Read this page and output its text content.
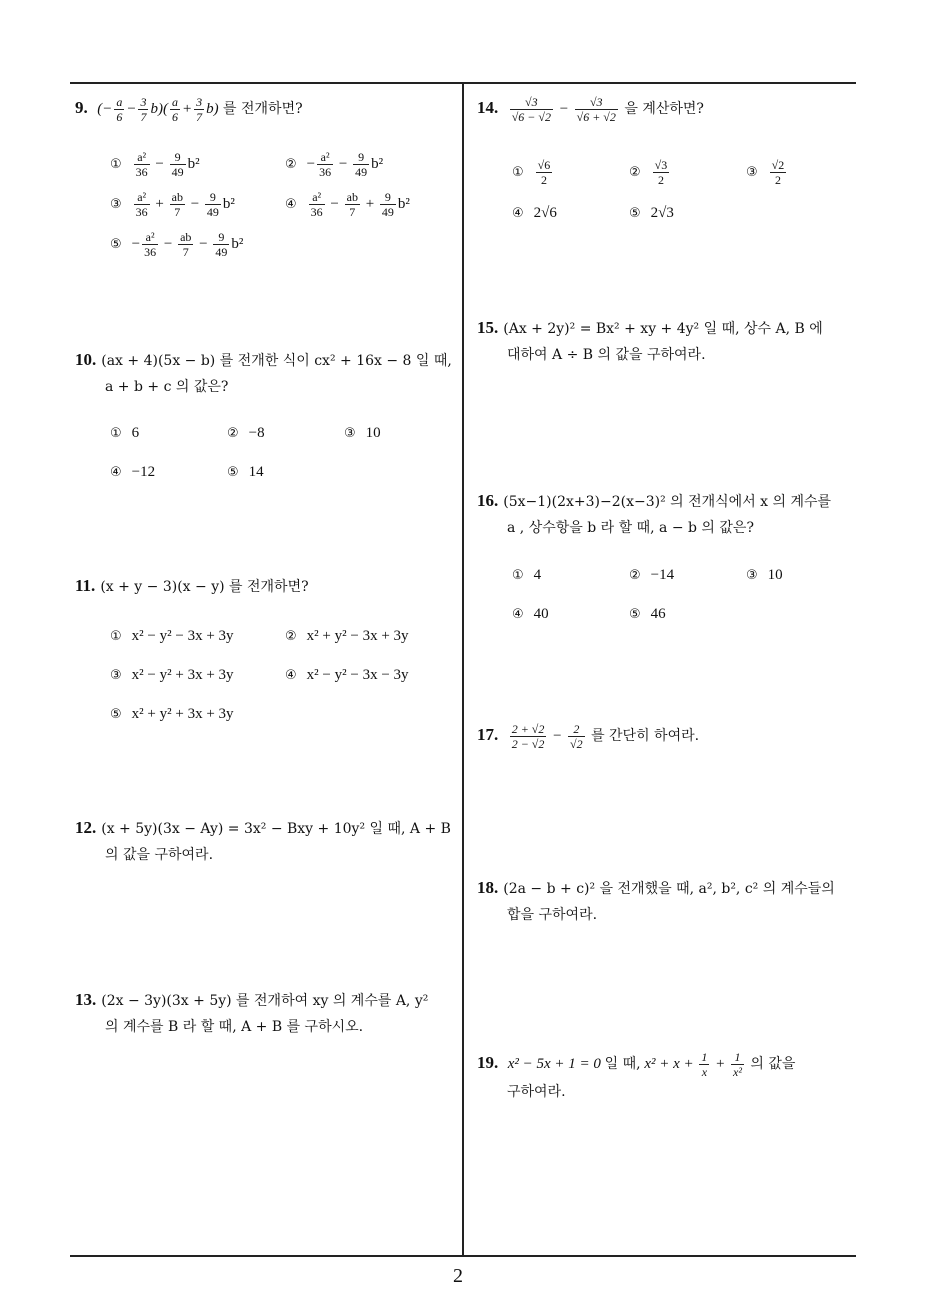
9. (− $\frac{a}{6} - \frac{3}{7} b)( \frac{a}{6} + \frac{3}{7} b)$ 를 전개하면?
① $\frac{\text{a²}}{36} - \frac{9}{49} b^2$	② − $\frac{\text{a²}}{36} - \frac{9}{49} b^2$
③ $\frac{\text{a²}}{36} + \frac{ab}{7} - \frac{9}{49} b^2$	④ $\frac{\text{a²}}{36} - \frac{ab}{7} + \frac{9}{49} b^2$
⑤ − $\frac{\text{a²}}{36} - \frac{ab}{7} - \frac{9}{49} b^2$
10. (ax + 4)(5x − b) 를 전개한 식이 cx² + 16x − 8 일 때,
a + b + c 의 값은?
① 6	② −8	③ 10
④ −12	⑤ 14
11. (x + y − 3)(x − y) 를 전개하면?
① x² − y² − 3x + 3y	② x² + y² − 3x + 3y
③ x² − y² + 3x + 3y	④ x² − y² − 3x − 3y
⑤ x² + y² + 3x + 3y
12. (x + 5y)(3x − Ay) = 3x² − Bxy + 10y² 일 때, A + B
의 값을 구하여라.
13. (2x − 3y)(3x + 5y) 를 전개하여 xy 의 계수를 A, y²
의 계수를 B 라 할 때, A + B 를 구하시오.
14. $\frac{√3}{√6 - √2} - \frac{√3}{√6 + √2}$ 을 계산하면?
① $\frac{√6}{2}$	② $\frac{√3}{2}$	③ $\frac{√2}{2}$
④ 2√6	⑤ 2√3
15. (Ax + 2y)² = Bx² + xy + 4y² 일 때, 상수 A, B 에
대하여 A ÷ B 의 값을 구하여라.
16. (5x−1)(2x+3)−2(x−3)² 의 전개식에서 x 의 계수를
a , 상수항을 b 라 할 때, a − b 의 값은?
① 4	② −14	③ 10
④ 40	⑤ 46
17. $\frac{2 + √2}{2 - √2} - \frac{2}{√2}$ 를 간단히 하여라.
18. (2a − b + c)² 을 전개했을 때, a², b², c² 의 계수들의
합을 구하여라.
19. x² − 5x + 1 = 0 일 때, $x^2 + x + \frac{1}{x} + \frac{1}{\text{x²}}$ 의 값을
구하여라.
2
